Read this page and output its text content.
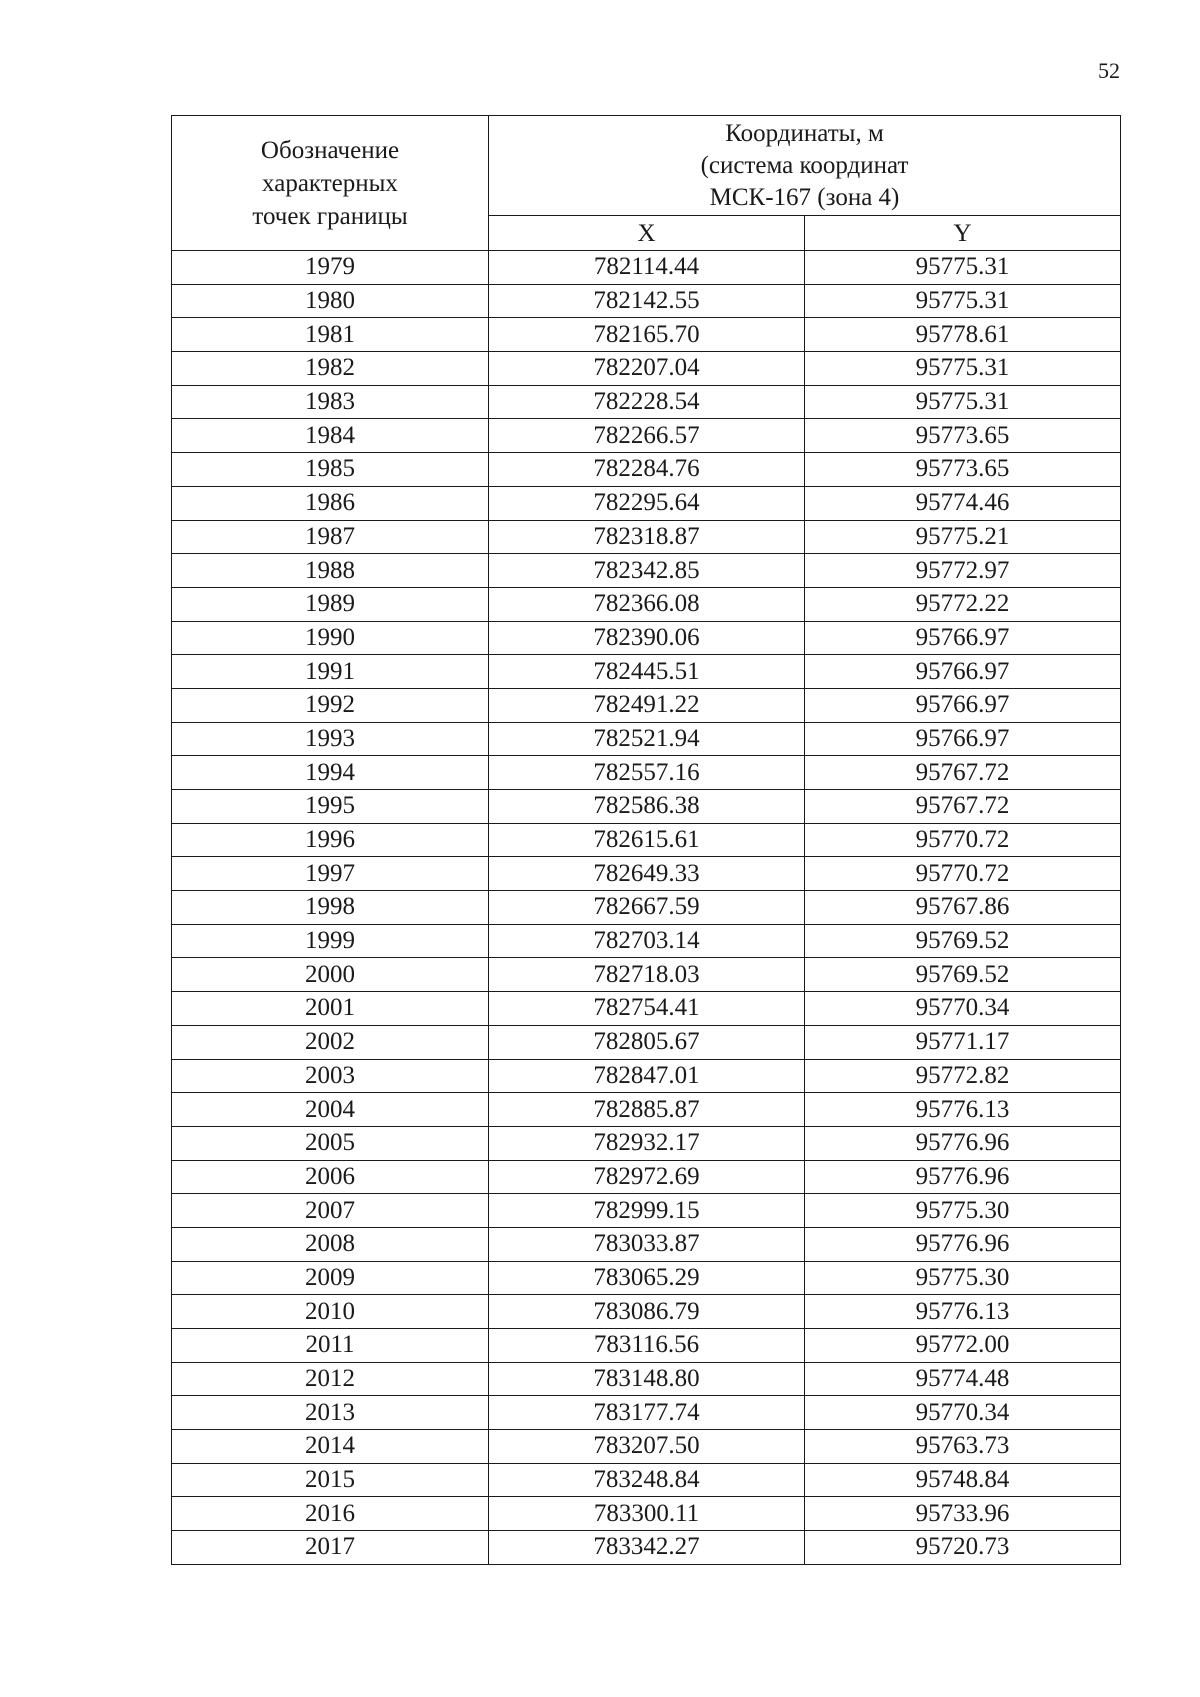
52
Обозначение
характерных
точек границы	Координаты, м
(система координат
МСК-167 (зона 4)	
	X	Y
1979	782114.44	95775.31
1980	782142.55	95775.31
1981	782165.70	95778.61
1982	782207.04	95775.31
1983	782228.54	95775.31
1984	782266.57	95773.65
1985	782284.76	95773.65
1986	782295.64	95774.46
1987	782318.87	95775.21
1988	782342.85	95772.97
1989	782366.08	95772.22
1990	782390.06	95766.97
1991	782445.51	95766.97
1992	782491.22	95766.97
1993	782521.94	95766.97
1994	782557.16	95767.72
1995	782586.38	95767.72
1996	782615.61	95770.72
1997	782649.33	95770.72
1998	782667.59	95767.86
1999	782703.14	95769.52
2000	782718.03	95769.52
2001	782754.41	95770.34
2002	782805.67	95771.17
2003	782847.01	95772.82
2004	782885.87	95776.13
2005	782932.17	95776.96
2006	782972.69	95776.96
2007	782999.15	95775.30
2008	783033.87	95776.96
2009	783065.29	95775.30
2010	783086.79	95776.13
2011	783116.56	95772.00
2012	783148.80	95774.48
2013	783177.74	95770.34
2014	783207.50	95763.73
2015	783248.84	95748.84
2016	783300.11	95733.96
2017	783342.27	95720.73
